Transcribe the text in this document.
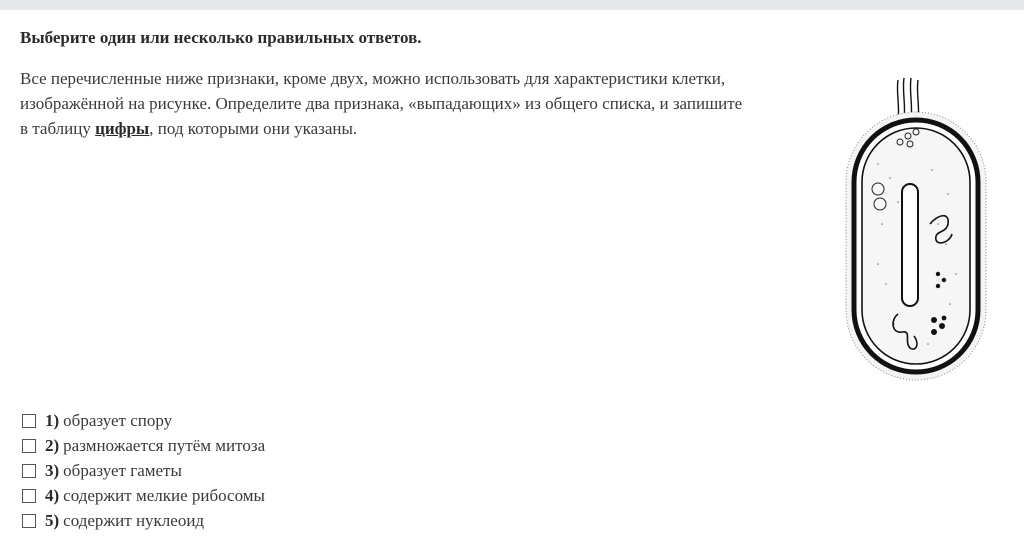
Выберите один или несколько правильных ответов.

Все перечисленные ниже признаки, кроме двух, можно использовать для характеристики клетки,
изображённой на рисунке. Определите два признака, «выпадающих» из общего списка, и запишите
в таблицу цифры, под которыми они указаны.

1) образует спору
2) размножается путём митоза
3) образует гаметы
4) содержит мелкие рибосомы
5) содержит нуклеоид
